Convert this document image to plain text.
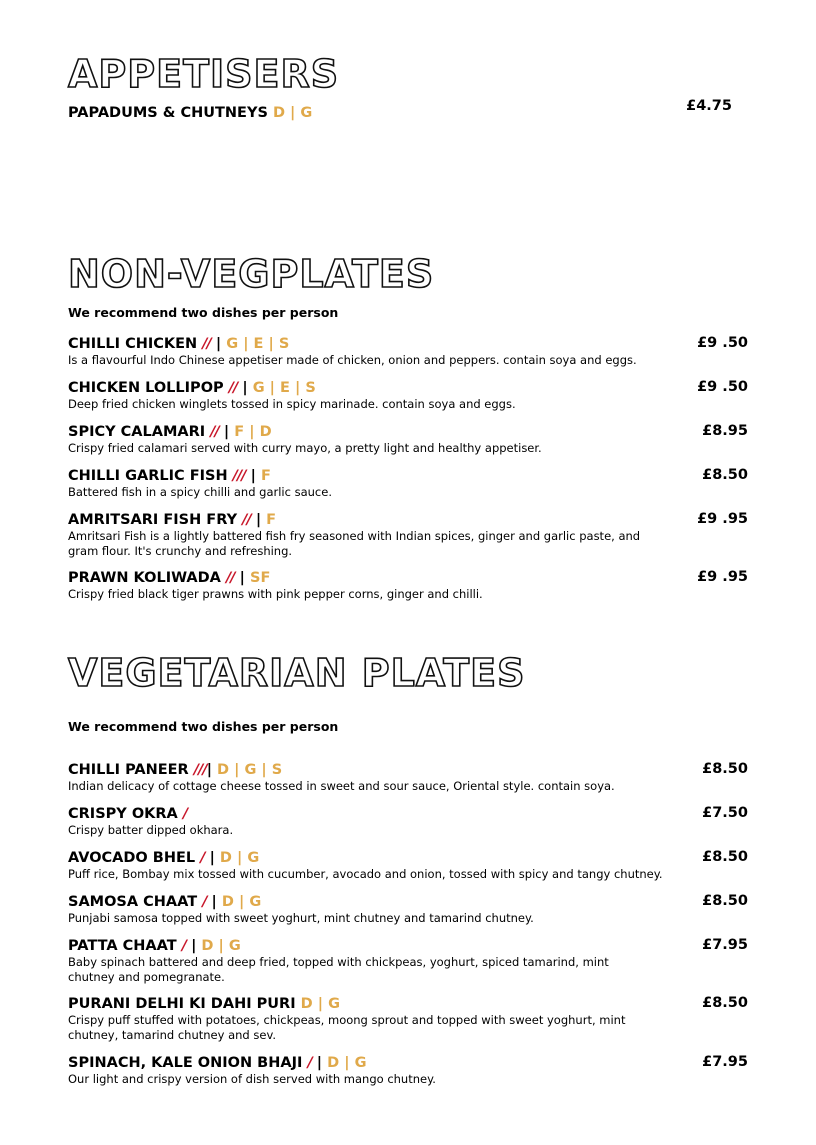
APPETISERS
PAPADUMS & CHUTNEYS D | G	£4.75
NON-VEGPLATES
We recommend two dishes per person
CHILLI CHICKEN // | G | E | S
Is a flavourful Indo Chinese appetiser made of chicken, onion and peppers. contain soya and eggs.
£9 .50
CHICKEN LOLLIPOP // | G | E | S
Deep fried chicken winglets tossed in spicy marinade. contain soya and eggs.
£9 .50
SPICY CALAMARI // | F | D
Crispy fried calamari served with curry mayo, a pretty light and healthy appetiser.
£8.95
CHILLI GARLIC FISH /// | F
Battered fish in a spicy chilli and garlic sauce.
£8.50
AMRITSARI FISH FRY // | F
Amritsari Fish is a lightly battered fish fry seasoned with Indian spices, ginger and garlic paste, and gram flour. It's crunchy and refreshing.
£9 .95
PRAWN KOLIWADA // | SF
Crispy fried black tiger prawns with pink pepper corns, ginger and chilli.
£9 .95
VEGETARIAN PLATES
We recommend two dishes per person
CHILLI PANEER ///| D | G | S
Indian delicacy of cottage cheese tossed in sweet and sour sauce, Oriental style. contain soya.
£8.50
CRISPY OKRA /
Crispy batter dipped okhara.
£7.50
AVOCADO BHEL / | D | G
Puff rice, Bombay mix tossed with cucumber, avocado and onion, tossed with spicy and tangy chutney.
£8.50
SAMOSA CHAAT / | D | G
Punjabi samosa topped with sweet yoghurt, mint chutney and tamarind chutney.
£8.50
PATTA CHAAT / | D | G
Baby spinach battered and deep fried, topped with chickpeas, yoghurt, spiced tamarind, mint chutney and pomegranate.
£7.95
PURANI DELHI KI DAHI PURI D | G
Crispy puff stuffed with potatoes, chickpeas, moong sprout and topped with sweet yoghurt, mint chutney, tamarind chutney and sev.
£8.50
SPINACH, KALE ONION BHAJI / | D | G
Our light and crispy version of dish served with mango chutney.
£7.95
